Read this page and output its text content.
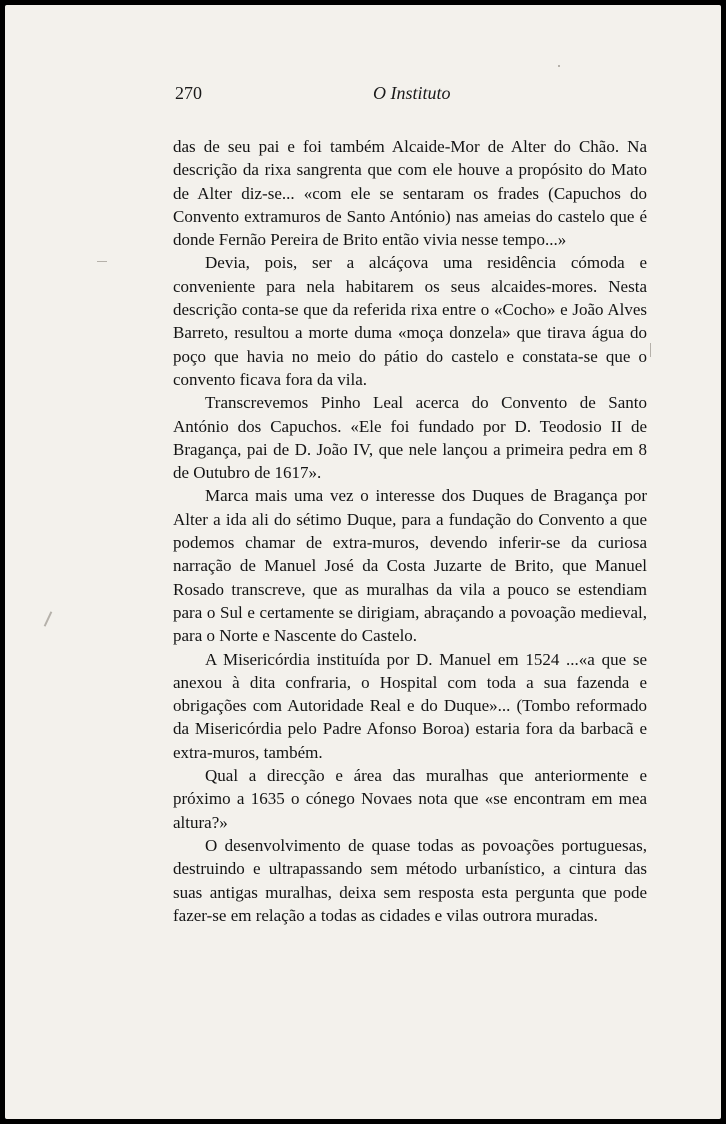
270	O Instituto

das de seu pai e foi também Alcaide-Mor de Alter do Chão. Na descrição da rixa sangrenta que com ele houve a propósito do Mato de Alter diz-se... «com ele se sentaram os frades (Capuchos do Convento extramuros de Santo António) nas ameias do castelo que é donde Fernão Pereira de Brito então vivia nesse tempo...»

Devia, pois, ser a alcáçova uma residência cómoda e conveniente para nela habitarem os seus alcaides-mores. Nesta descrição conta-se que da referida rixa entre o «Cocho» e João Alves Barreto, resultou a morte duma «moça donzela» que tirava água do poço que havia no meio do pátio do castelo e constata-se que o convento ficava fora da vila.

Transcrevemos Pinho Leal acerca do Convento de Santo António dos Capuchos. «Ele foi fundado por D. Teodosio II de Bragança, pai de D. João IV, que nele lançou a primeira pedra em 8 de Outubro de 1617».

Marca mais uma vez o interesse dos Duques de Bragança por Alter a ida ali do sétimo Duque, para a fundação do Convento a que podemos chamar de extra-muros, devendo inferir-se da curiosa narração de Manuel José da Costa Juzarte de Brito, que Manuel Rosado transcreve, que as muralhas da vila a pouco se estendiam para o Sul e certamente se dirigiam, abraçando a povoação medieval, para o Norte e Nascente do Castelo.

A Misericórdia instituída por D. Manuel em 1524 ...«a que se anexou à dita confraria, o Hospital com toda a sua fazenda e obrigações com Autoridade Real e do Duque»... (Tombo reformado da Misericórdia pelo Padre Afonso Boroa) estaria fora da barbacã e extra-muros, também.

Qual a direcção e área das muralhas que anteriormente e próximo a 1635 o cónego Novaes nota que «se encontram em mea altura?»

O desenvolvimento de quase todas as povoações portuguesas, destruindo e ultrapassando sem método urbanístico, a cintura das suas antigas muralhas, deixa sem resposta esta pergunta que pode fazer-se em relação a todas as cidades e vilas outrora muradas.
